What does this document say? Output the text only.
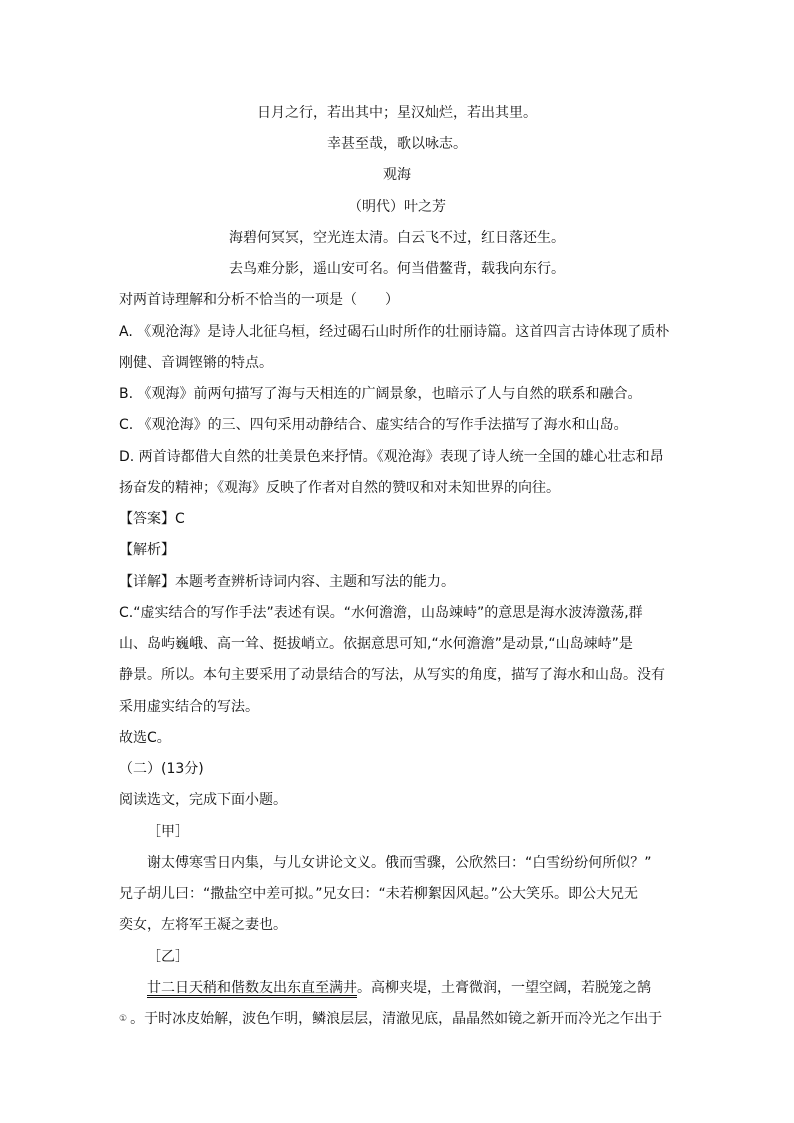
日月之行，若出其中；星汉灿烂，若出其里。
幸甚至哉，歌以咏志。
观海
（明代）叶之芳
海碧何冥冥，空光连太清。白云飞不过，红日落还生。
去鸟难分影，遥山安可名。何当借鳌背，载我向东行。
对两首诗理解和分析不恰当的一项是（　　）
A. 《观沧海》是诗人北征乌桓，经过碣石山时所作的壮丽诗篇。这首四言古诗体现了质朴
刚健、音调铿锵的特点。
B. 《观海》前两句描写了海与天相连的广阔景象，也暗示了人与自然的联系和融合。
C. 《观沧海》的三、四句采用动静结合、虚实结合的写作手法描写了海水和山岛。
D. 两首诗都借大自然的壮美景色来抒情。《观沧海》表现了诗人统一全国的雄心壮志和昂
扬奋发的精神；《观海》反映了作者对自然的赞叹和对未知世界的向往。
【答案】C
【解析】
【详解】本题考查辨析诗词内容、主题和写法的能力。
C.“虚实结合的写作手法”表述有误。“水何澹澹，山岛竦峙”的意思是海水波涛激荡,群
山、岛屿巍峨、高一耸、挺拔峭立。依据意思可知,“水何澹澹”是动景,“山岛竦峙”是
静景。所以。本句主要采用了动景结合的写法，从写实的角度，描写了海水和山岛。没有
采用虚实结合的写法。
故选C。
（二）(13分)
阅读选文，完成下面小题。
［甲］
谢太傅寒雪日内集，与儿女讲论文义。俄而雪骤，公欣然曰：“白雪纷纷何所似？”
兄子胡儿曰：“撒盐空中差可拟。”兄女曰：“未若柳絮因风起。”公大笑乐。即公大兄无
奕女，左将军王凝之妻也。
［乙］
廿二日天稍和偕数友出东直至满井。高柳夹堤，土膏微润，一望空阔，若脱笼之鹄
① 。于时冰皮始解，波色乍明，鳞浪层层，清澈见底，晶晶然如镜之新开而冷光之乍出于
